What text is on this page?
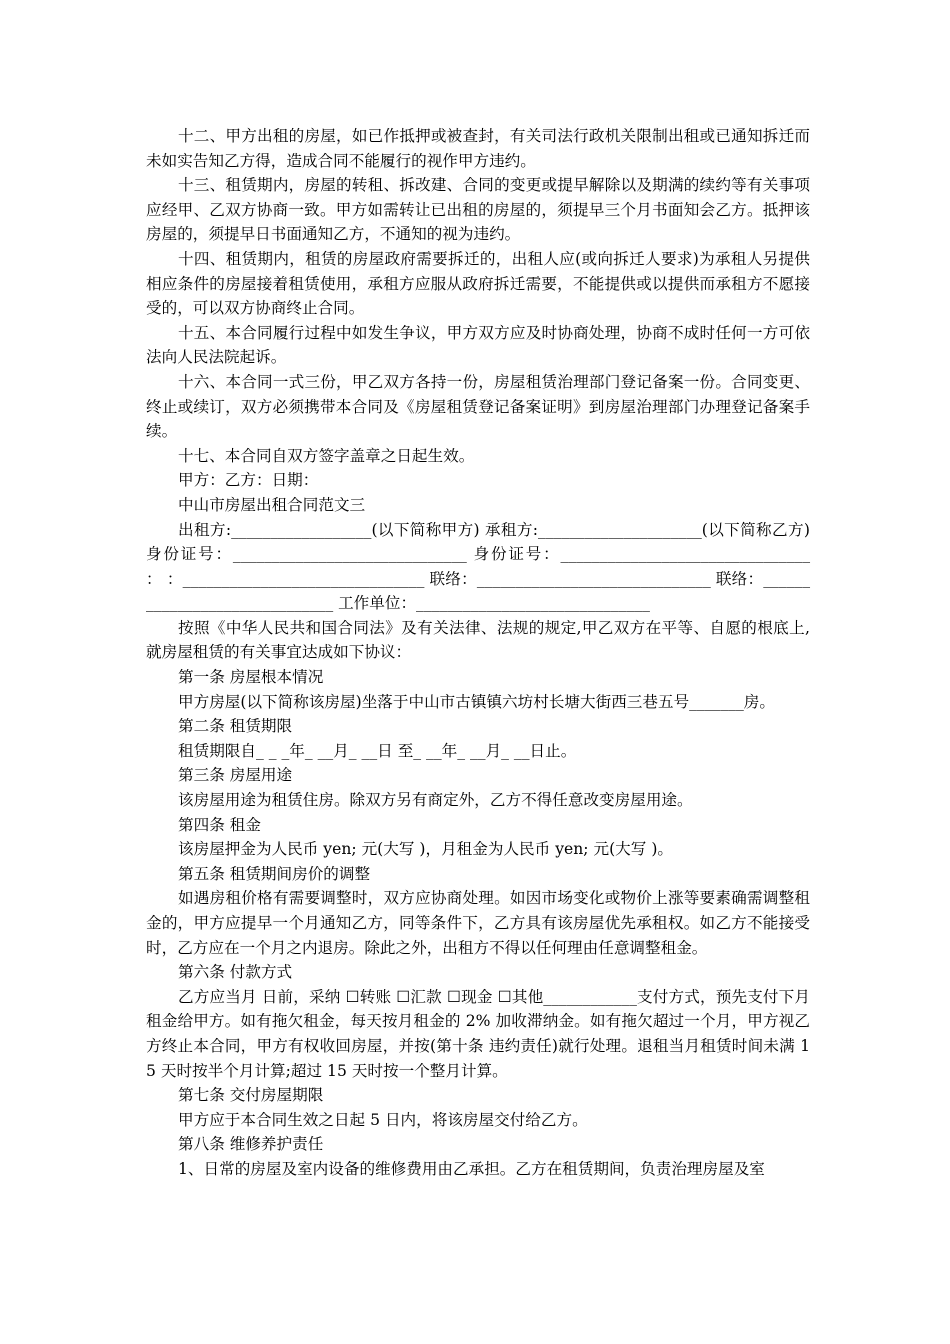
十二、甲方出租的房屋，如已作抵押或被查封，有关司法行政机关限制出租或已通知拆迁而未如实告知乙方得，造成合同不能履行的视作甲方违约。

十三、租赁期内，房屋的转租、拆改建、合同的变更或提早解除以及期满的续约等有关事项应经甲、乙双方协商一致。甲方如需转让已出租的房屋的，须提早三个月书面知会乙方。抵押该房屋的，须提早日书面通知乙方，不通知的视为违约。

十四、租赁期内，租赁的房屋政府需要拆迁的，出租人应(或向拆迁人要求)为承租人另提供相应条件的房屋接着租赁使用，承租方应服从政府拆迁需要，不能提供或以提供而承租方不愿接受的，可以双方协商终止合同。

十五、本合同履行过程中如发生争议，甲方双方应及时协商处理，协商不成时任何一方可依法向人民法院起诉。

十六、本合同一式三份，甲乙双方各持一份，房屋租赁治理部门登记备案一份。合同变更、终止或续订，双方必须携带本合同及《房屋租赁登记备案证明》到房屋治理部门办理登记备案手续。

十七、本合同自双方签字盖章之日起生效。

甲方：乙方：日期：

中山市房屋出租合同范文三

出租方:__________________(以下简称甲方) 承租方:_____________________(以下简称乙方) 身份证号：______________________________ 身份证号：________________________________ ： ：_______________________________ 联络：______________________________ 联络：______________________________ 工作单位：______________________________

按照《中华人民共和国合同法》及有关法律、法规的规定,甲乙双方在平等、自愿的根底上,就房屋租赁的有关事宜达成如下协议：

第一条 房屋根本情况

甲方房屋(以下简称该房屋)坐落于中山市古镇镇六坊村长塘大街西三巷五号_______房。

第二条 租赁期限

租赁期限自_ _ _年_ __月_ __日 至_ __年_ __月_ __日止。

第三条 房屋用途

该房屋用途为租赁住房。除双方另有商定外，乙方不得任意改变房屋用途。

第四条 租金

该房屋押金为人民币 yen; 元(大写 )，月租金为人民币 yen; 元(大写 )。

第五条 租赁期间房价的调整

如遇房租价格有需要调整时，双方应协商处理。如因市场变化或物价上涨等要素确需调整租金的，甲方应提早一个月通知乙方，同等条件下，乙方具有该房屋优先承租权。如乙方不能接受时，乙方应在一个月之内退房。除此之外，出租方不得以任何理由任意调整租金。

第六条 付款方式

乙方应当月 日前，采纳 ☐转账 ☐汇款 ☐现金 ☐其他____________支付方式，预先支付下月租金给甲方。如有拖欠租金，每天按月租金的 2% 加收滞纳金。如有拖欠超过一个月，甲方视乙方终止本合同，甲方有权收回房屋，并按(第十条 违约责任)就行处理。退租当月租赁时间未满 15 天时按半个月计算;超过 15 天时按一个整月计算。

第七条 交付房屋期限

甲方应于本合同生效之日起 5 日内，将该房屋交付给乙方。

第八条 维修养护责任

1、日常的房屋及室内设备的维修费用由乙承担。乙方在租赁期间，负责治理房屋及室
